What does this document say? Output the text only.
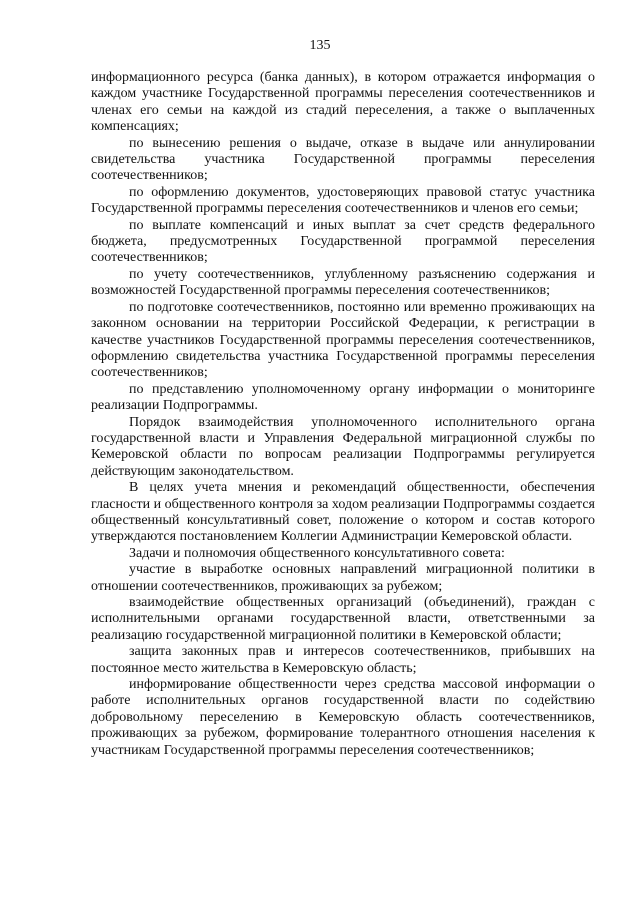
135

информационного ресурса (банка данных), в котором отражается информация о каждом участнике Государственной программы переселения соотечественников и членах его семьи на каждой из стадий переселения, а также о выплаченных компенсациях;

по вынесению решения о выдаче, отказе в выдаче или аннулировании свидетельства участника Государственной программы переселения соотечественников;

по оформлению документов, удостоверяющих правовой статус участника Государственной программы переселения соотечественников и членов его семьи;

по выплате компенсаций и иных выплат за счет средств федерального бюджета, предусмотренных Государственной программой переселения соотечественников;

по учету соотечественников, углубленному разъяснению содержания и возможностей Государственной программы переселения соотечественников;

по подготовке соотечественников, постоянно или временно проживающих на законном основании на территории Российской Федерации, к регистрации в качестве участников Государственной программы переселения соотечественников, оформлению свидетельства участника Государственной программы переселения соотечественников;

по представлению уполномоченному органу информации о мониторинге реализации Подпрограммы.

Порядок взаимодействия уполномоченного исполнительного органа государственной власти и Управления Федеральной миграционной службы по Кемеровской области по вопросам реализации Подпрограммы регулируется действующим законодательством.

В целях учета мнения и рекомендаций общественности, обеспечения гласности и общественного контроля за ходом реализации Подпрограммы создается общественный консультативный совет, положение о котором и состав которого утверждаются постановлением Коллегии Администрации Кемеровской области.

Задачи и полномочия общественного консультативного совета:

участие в выработке основных направлений миграционной политики в отношении соотечественников, проживающих за рубежом;

взаимодействие общественных организаций (объединений), граждан с исполнительными органами государственной власти, ответственными за реализацию государственной миграционной политики в Кемеровской области;

защита законных прав и интересов соотечественников, прибывших на постоянное место жительства в Кемеровскую область;

информирование общественности через средства массовой информации о работе исполнительных органов государственной власти по содействию добровольному переселению в Кемеровскую область соотечественников, проживающих за рубежом, формирование толерантного отношения населения к участникам Государственной программы переселения соотечественников;
